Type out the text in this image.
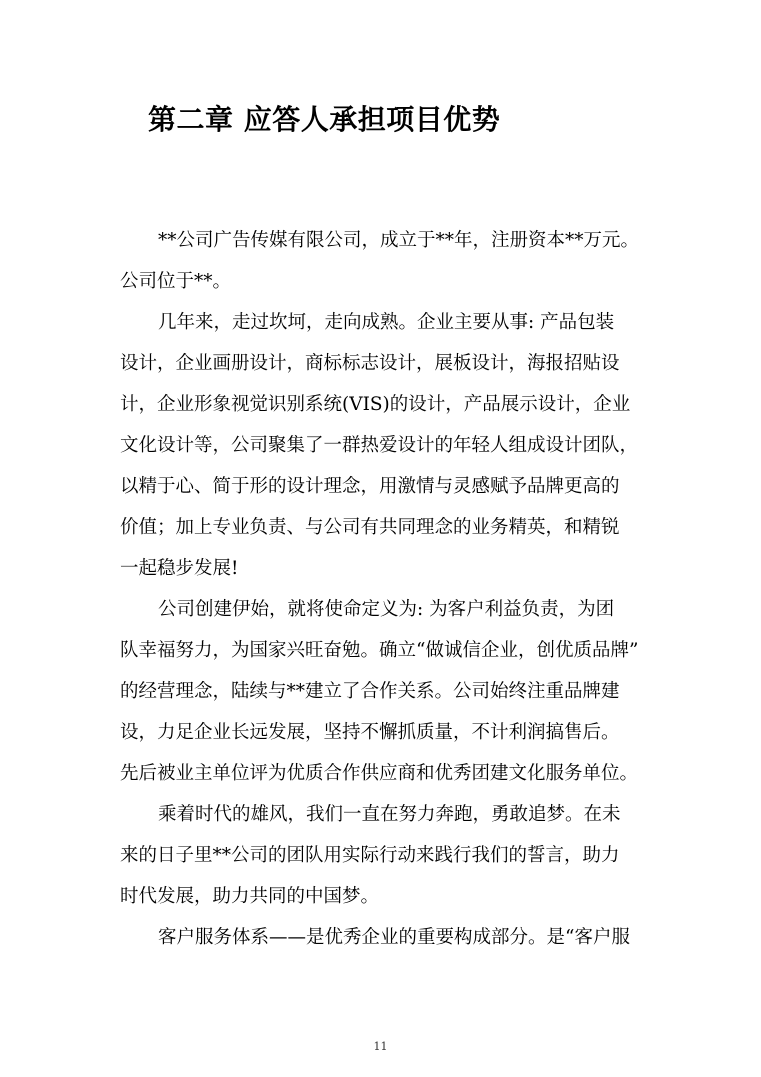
第二章 应答人承担项目优势
**公司广告传媒有限公司，成立于**年，注册资本**万元。
公司位于**。
几年来，走过坎坷，走向成熟。企业主要从事: 产品包装
设计，企业画册设计，商标标志设计，展板设计，海报招贴设
计，企业形象视觉识别系统(VIS)的设计，产品展示设计，企业
文化设计等，公司聚集了一群热爱设计的年轻人组成设计团队，
以精于心、简于形的设计理念，用激情与灵感赋予品牌更高的
价值；加上专业负责、与公司有共同理念的业务精英，和精锐
一起稳步发展!
公司创建伊始，就将使命定义为: 为客户利益负责，为团
队幸福努力，为国家兴旺奋勉。确立“做诚信企业，创优质品牌”
的经营理念，陆续与**建立了合作关系。公司始终注重品牌建
设，力足企业长远发展，坚持不懈抓质量，不计利润搞售后。
先后被业主单位评为优质合作供应商和优秀团建文化服务单位。
乘着时代的雄风，我们一直在努力奔跑，勇敢追梦。在未
来的日子里**公司的团队用实际行动来践行我们的誓言，助力
时代发展，助力共同的中国梦。
客户服务体系——是优秀企业的重要构成部分。是“客户服
11
